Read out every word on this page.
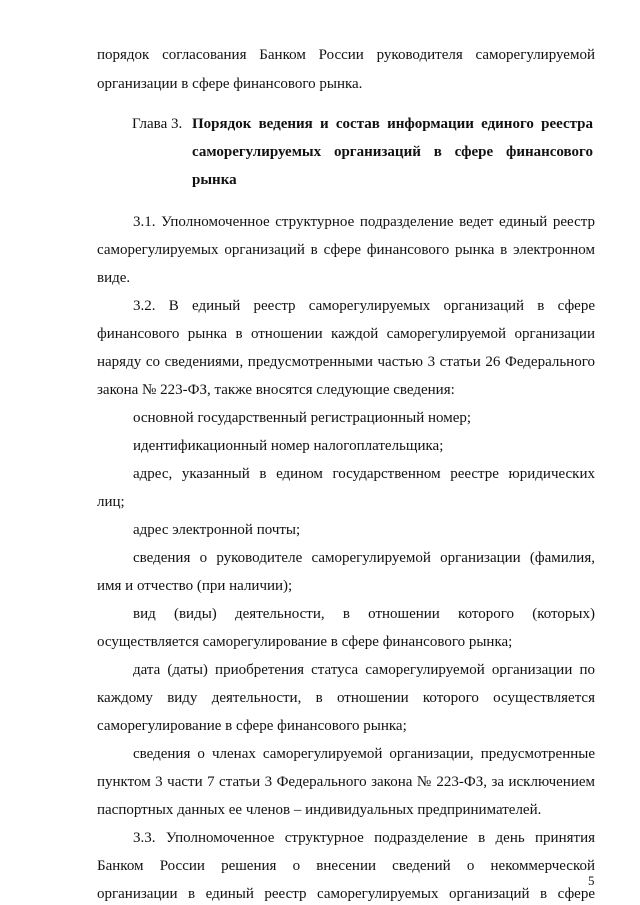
порядок согласования Банком России руководителя саморегулируемой
организации в сфере финансового рынка.
Глава 3. Порядок ведения и состав информации единого реестра
саморегулируемых организаций в сфере финансового
рынка
3.1. Уполномоченное структурное подразделение ведет единый реестр
саморегулируемых организаций в сфере финансового рынка в электронном
виде.
3.2. В единый реестр саморегулируемых организаций в сфере
финансового рынка в отношении каждой саморегулируемой организации
наряду со сведениями, предусмотренными частью 3 статьи 26 Федерального
закона № 223-ФЗ, также вносятся следующие сведения:
основной государственный регистрационный номер;
идентификационный номер налогоплательщика;
адрес, указанный в едином государственном реестре юридических
лиц;
адрес электронной почты;
сведения о руководителе саморегулируемой организации (фамилия,
имя и отчество (при наличии);
вид (виды) деятельности, в отношении которого (которых)
осуществляется саморегулирование в сфере финансового рынка;
дата (даты) приобретения статуса саморегулируемой организации по
каждому виду деятельности, в отношении которого осуществляется
саморегулирование в сфере финансового рынка;
сведения о членах саморегулируемой организации, предусмотренные
пунктом 3 части 7 статьи 3 Федерального закона № 223-ФЗ, за исключением
паспортных данных ее членов – индивидуальных предпринимателей.
3.3. Уполномоченное структурное подразделение в день принятия
Банком России решения о внесении сведений о некоммерческой
организации в единый реестр саморегулируемых организаций в сфере
5
